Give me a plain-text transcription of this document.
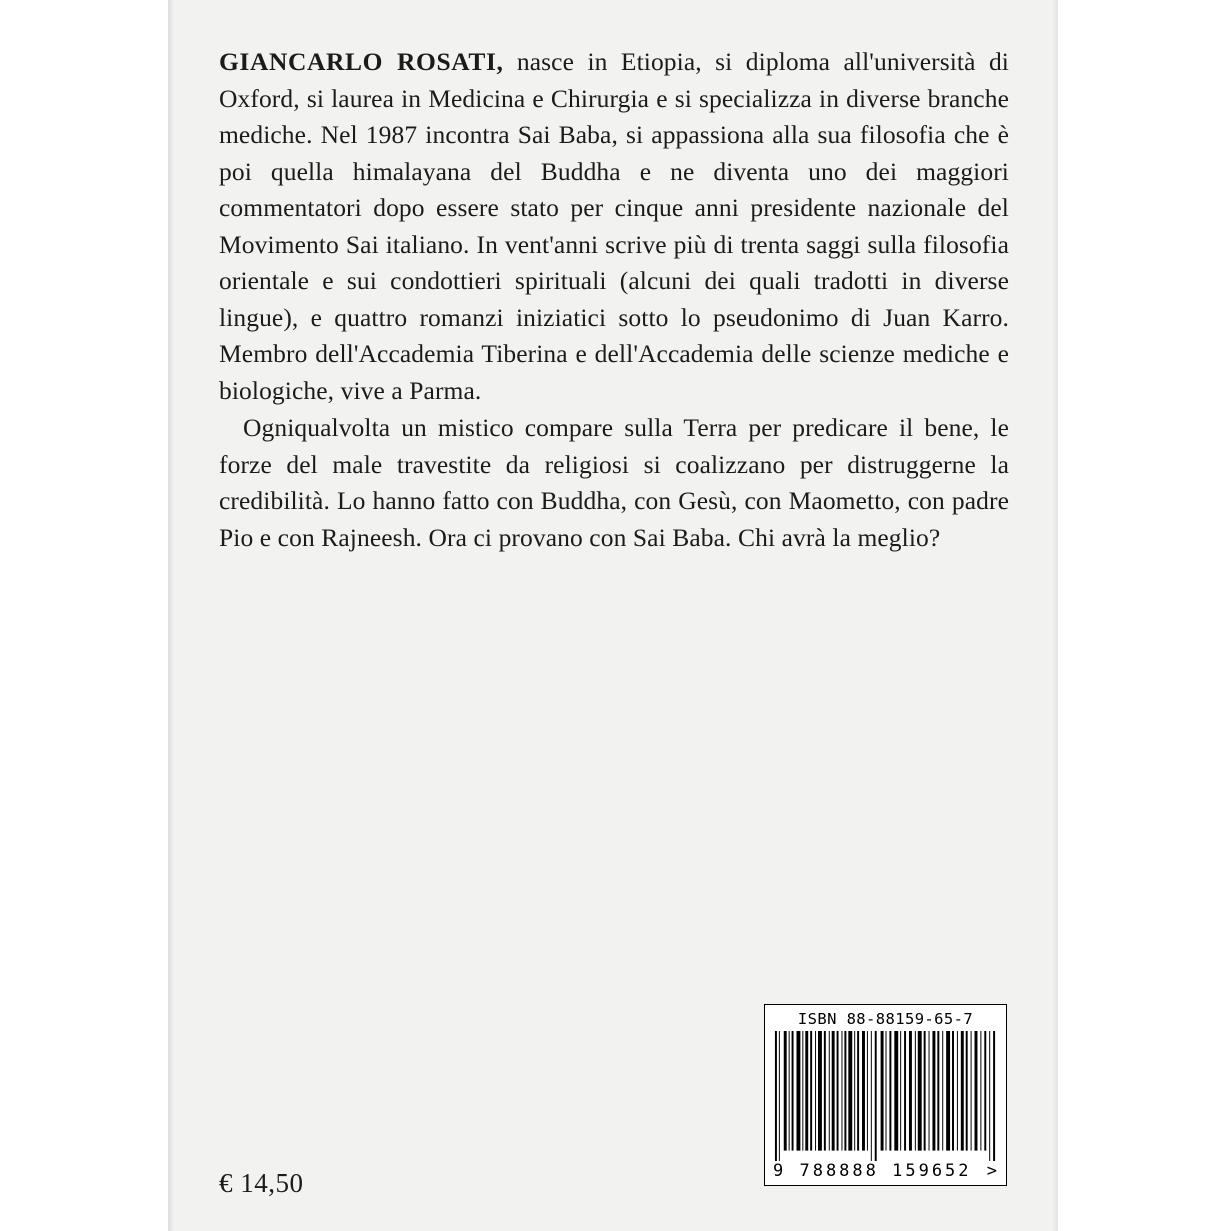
GIANCARLO ROSATI, nasce in Etiopia, si diploma all'università di Oxford, si laurea in Medicina e Chirurgia e si specializza in diverse branche mediche. Nel 1987 incontra Sai Baba, si appassiona alla sua filosofia che è poi quella himalayana del Buddha e ne diventa uno dei maggiori commentatori dopo essere stato per cinque anni presidente nazionale del Movimento Sai italiano. In vent'anni scrive più di trenta saggi sulla filosofia orientale e sui condottieri spirituali (alcuni dei quali tradotti in diverse lingue), e quattro romanzi iniziatici sotto lo pseudonimo di Juan Karro. Membro dell'Accademia Tiberina e dell'Accademia delle scienze mediche e biologiche, vive a Parma.
Ogniqualvolta un mistico compare sulla Terra per predicare il bene, le forze del male travestite da religiosi si coalizzano per distruggerne la credibilità. Lo hanno fatto con Buddha, con Gesù, con Maometto, con padre Pio e con Rajneesh. Ora ci provano con Sai Baba. Chi avrà la meglio?
€ 14,50
ISBN 88-88159-65-7
9 788888 159652 >
